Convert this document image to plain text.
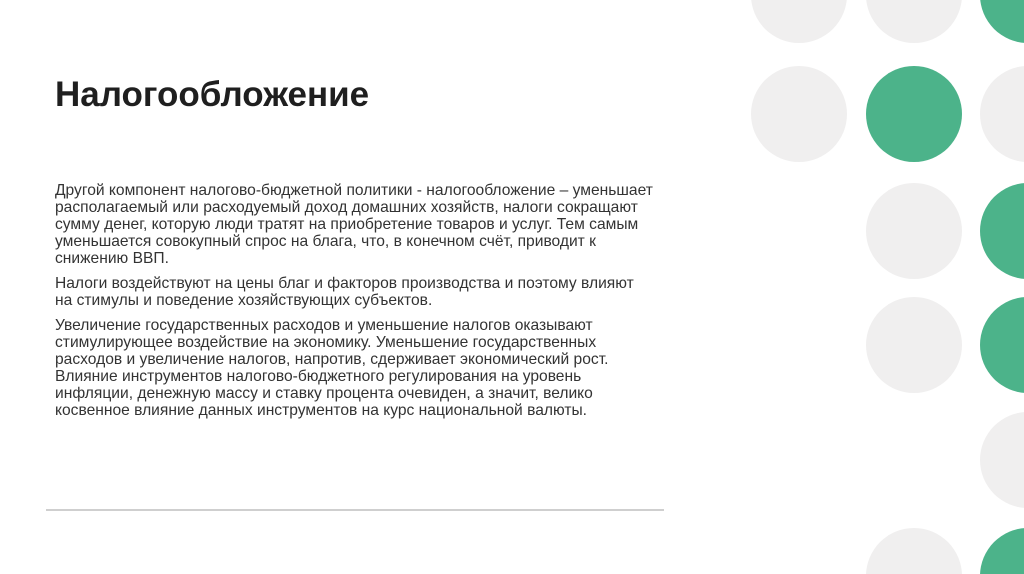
Налогообложение

Другой компонент налогово-бюджетной политики - налогообложение – уменьшает располагаемый или расходуемый доход домашних хозяйств, налоги сокращают сумму денег, которую люди тратят на приобретение товаров и услуг. Тем самым уменьшается совокупный спрос на блага, что, в конечном счёт, приводит к снижению ВВП.

Налоги воздействуют на цены благ и факторов производства и поэтому влияют на стимулы и поведение хозяйствующих субъектов.

Увеличение государственных расходов и уменьшение налогов оказывают стимулирующее воздействие на экономику. Уменьшение государственных расходов и увеличение налогов, напротив, сдерживает экономический рост. Влияние инструментов налогово-бюджетного регулирования на уровень инфляции, денежную массу и ставку процента очевиден, а значит, велико косвенное влияние данных инструментов на курс национальной валюты.
